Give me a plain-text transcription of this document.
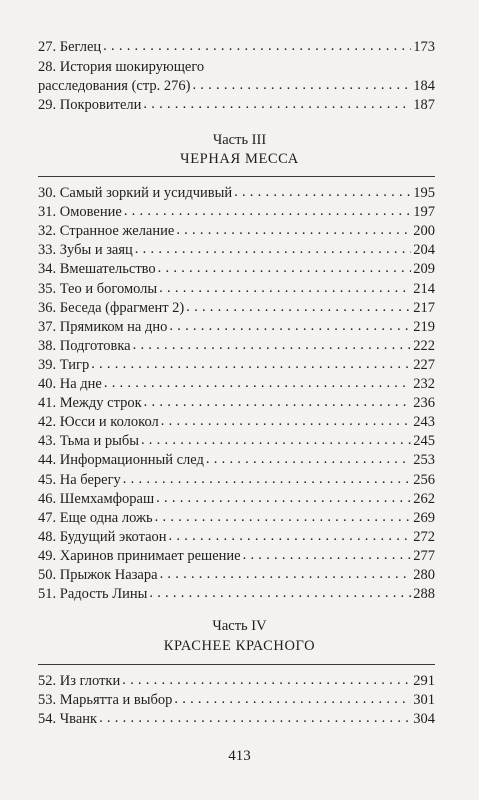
27. Беглец . . .	173
28. История шокирующего
расследования (стр. 276) . . .	184
29. Покровители . . .	187
Часть III
ЧЕРНАЯ МЕССА
30. Самый зоркий и усидчивый . . .	195
31. Омовение . . .	197
32. Странное желание . . .	200
33. Зубы и заяц . . .	204
34. Вмешательство . . .	209
35. Тео и богомолы . . .	214
36. Беседа (фрагмент 2) . . .	217
37. Прямиком на дно . . .	219
38. Подготовка . . .	222
39. Тигр . . .	227
40. На дне . . .	232
41. Между строк . . .	236
42. Юсси и колокол . . .	243
43. Тьма и рыбы . . .	245
44. Информационный след . . .	253
45. На берегу . . .	256
46. Шемхамфораш . . .	262
47. Еще одна ложь . . .	269
48. Будущий экотаон . . .	272
49. Харинов принимает решение . . .	277
50. Прыжок Назара . . .	280
51. Радость Лины . . .	288
Часть IV
КРАСНЕЕ КРАСНОГО
52. Из глотки . . .	291
53. Марьятта и выбор . . .	301
54. Чванк . . .	304
413
